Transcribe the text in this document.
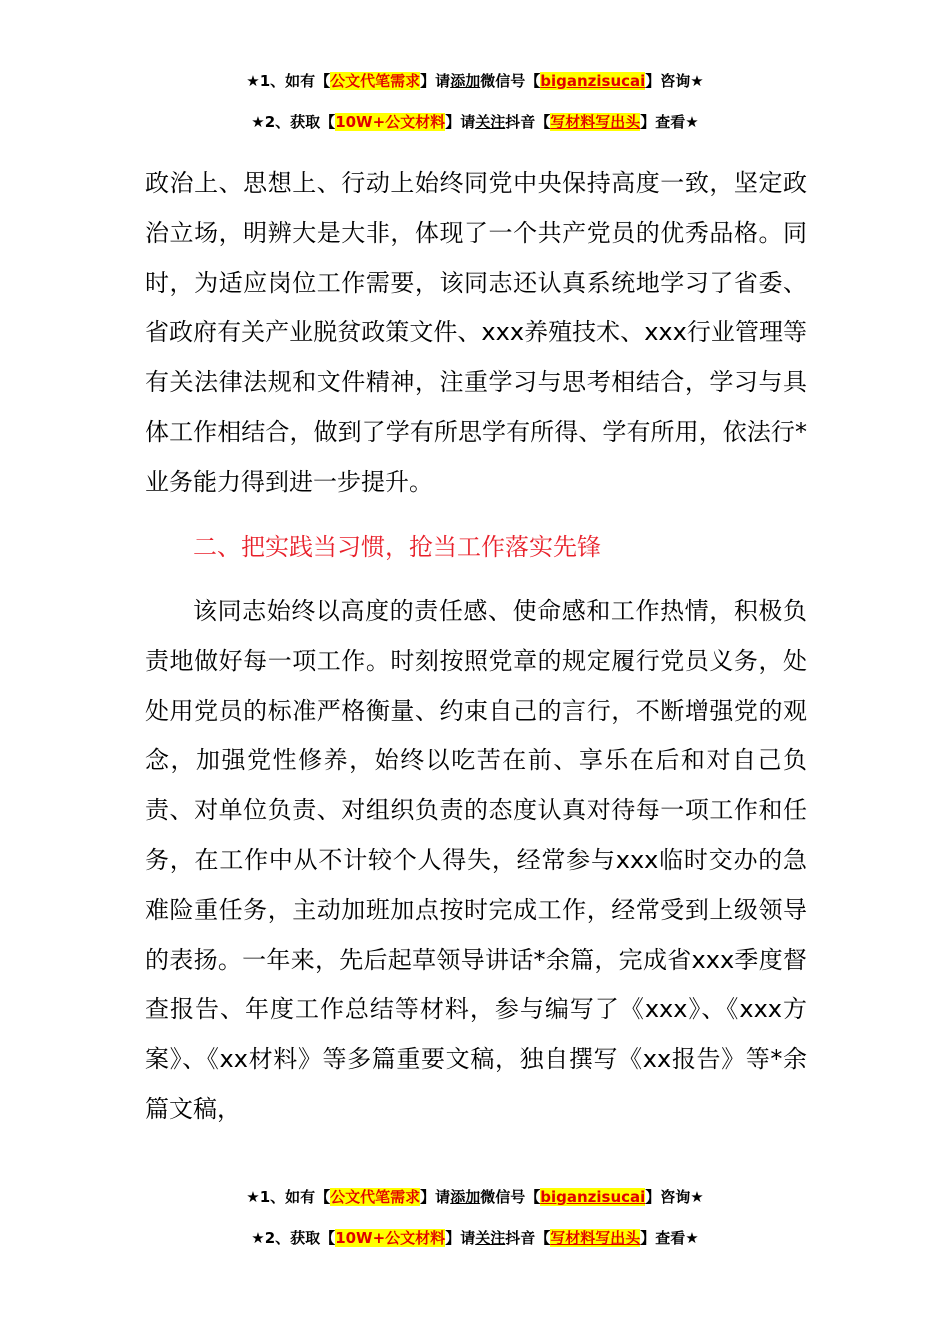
★1、如有【公文代笔需求】请添加微信号【biganzisucai】咨询★
★2、获取【10W+公文材料】请关注抖音【写材料写出头】查看★

政治上、思想上、行动上始终同党中央保持高度一致，坚定政治立场，明辨大是大非，体现了一个共产党员的优秀品格。同时，为适应岗位工作需要，该同志还认真系统地学习了省委、省政府有关产业脱贫政策文件、xxx养殖技术、xxx行业管理等有关法律法规和文件精神，注重学习与思考相结合，学习与具体工作相结合，做到了学有所思学有所得、学有所用，依法行*业务能力得到进一步提升。

二、把实践当习惯，抢当工作落实先锋

该同志始终以高度的责任感、使命感和工作热情，积极负责地做好每一项工作。时刻按照党章的规定履行党员义务，处处用党员的标准严格衡量、约束自己的言行，不断增强党的观念，加强党性修养，始终以吃苦在前、享乐在后和对自己负责、对单位负责、对组织负责的态度认真对待每一项工作和任务，在工作中从不计较个人得失，经常参与xxx临时交办的急难险重任务，主动加班加点按时完成工作，经常受到上级领导的表扬。一年来，先后起草领导讲话*余篇，完成省xxx季度督查报告、年度工作总结等材料，参与编写了《xxx》、《xxx方案》、《xx材料》等多篇重要文稿，独自撰写《xx报告》等*余篇文稿，

★1、如有【公文代笔需求】请添加微信号【biganzisucai】咨询★
★2、获取【10W+公文材料】请关注抖音【写材料写出头】查看★
